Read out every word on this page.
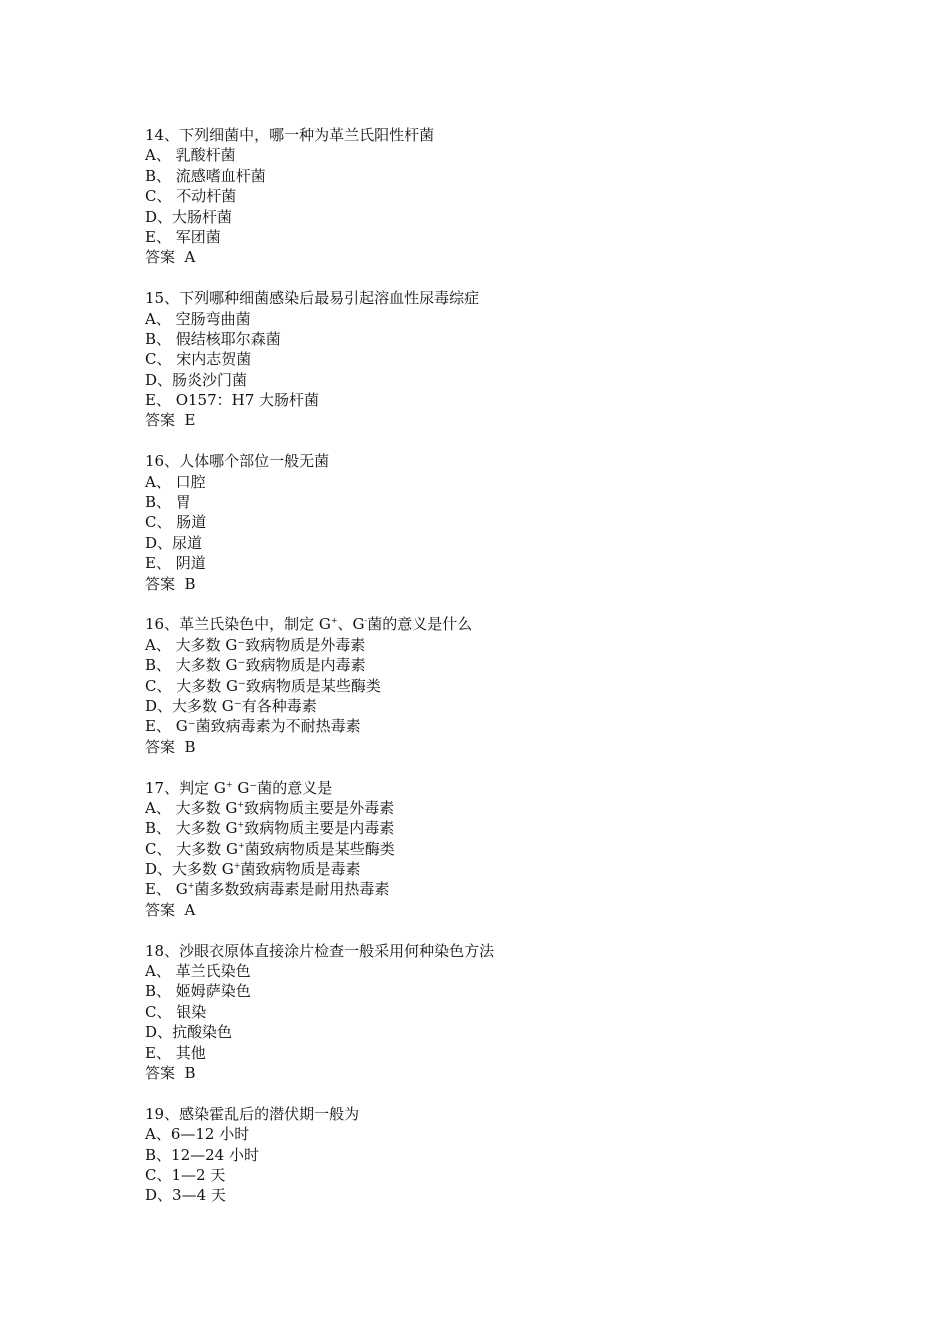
14、下列细菌中，哪一种为革兰氏阳性杆菌
A、 乳酸杆菌
B、 流感嗜血杆菌
C、 不动杆菌
D、大肠杆菌
E、 军团菌
答案  A
15、下列哪种细菌感染后最易引起溶血性尿毒综症
A、 空肠弯曲菌
B、 假结核耶尔森菌
C、 宋内志贺菌
D、肠炎沙门菌
E、 O157：H7 大肠杆菌
答案  E
16、人体哪个部位一般无菌
A、 口腔
B、 胃
C、 肠道
D、尿道
E、 阴道
答案  B
16、革兰氏染色中，制定 G+、G-菌的意义是什么
A、 大多数 G⁻致病物质是外毒素
B、 大多数 G⁻致病物质是内毒素
C、 大多数 G⁻致病物质是某些酶类
D、大多数 G⁻有各种毒素
E、 G⁻菌致病毒素为不耐热毒素
答案  B
17、判定 G+ G⁻菌的意义是
A、 大多数 G+致病物质主要是外毒素
B、 大多数 G+致病物质主要是内毒素
C、 大多数 G+菌致病物质是某些酶类
D、大多数 G+菌致病物质是毒素
E、 G+菌多数致病毒素是耐用热毒素
答案  A
18、沙眼衣原体直接涂片检查一般采用何种染色方法
A、 革兰氏染色
B、 姬姆萨染色
C、 银染
D、抗酸染色
E、 其他
答案  B
19、感染霍乱后的潜伏期一般为
A、6—12 小时
B、12—24 小时
C、1—2 天
D、3—4 天
